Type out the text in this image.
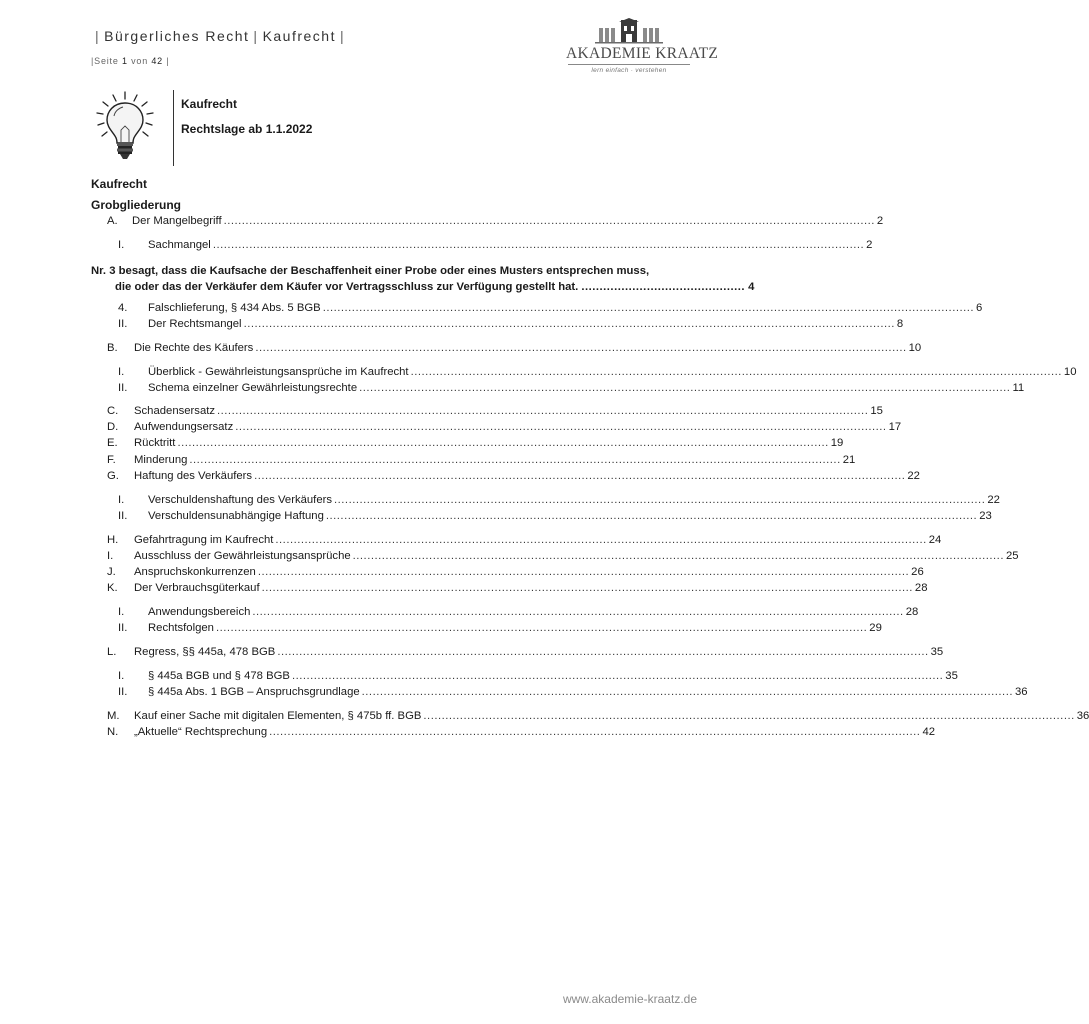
| Bürgerliches Recht | Kaufrecht |
|Seite 1 von 42 |	AKADEMIE KRAATZ
lern einfach · verstehen
Kaufrecht
Rechtslage ab 1.1.2022
Kaufrecht
Grobgliederung
A.	Der Mangelbegriff ................................................................................................................................................................................... 2
I.	Sachmangel ................................................................................................................................................................................... 2
Nr. 3 besagt, dass die Kaufsache der Beschaffenheit einer Probe oder eines Musters entsprechen muss,
die oder das der Verkäufer dem Käufer vor Vertragsschluss zur Verfügung gestellt hat. ............................................. 4
4.	Falschlieferung, § 434 Abs. 5 BGB ................................................................................................................................................................................... 6
II.	Der Rechtsmangel ................................................................................................................................................................................... 8
B.	Die Rechte des Käufers ................................................................................................................................................................................... 10
I.	Überblick - Gewährleistungsansprüche im Kaufrecht ................................................................................................................................................................................... 10
II.	Schema einzelner Gewährleistungsrechte ................................................................................................................................................................................... 11
C.	Schadensersatz ................................................................................................................................................................................... 15
D.	Aufwendungsersatz ................................................................................................................................................................................... 17
E.	Rücktritt ................................................................................................................................................................................... 19
F.	Minderung ................................................................................................................................................................................... 21
G.	Haftung des Verkäufers ................................................................................................................................................................................... 22
I.	Verschuldenshaftung des Verkäufers ................................................................................................................................................................................... 22
II.	Verschuldensunabhängige Haftung ................................................................................................................................................................................... 23
H.	Gefahrtragung im Kaufrecht ................................................................................................................................................................................... 24
I.	Ausschluss der Gewährleistungsansprüche ................................................................................................................................................................................... 25
J.	Anspruchskonkurrenzen ................................................................................................................................................................................... 26
K.	Der Verbrauchsgüterkauf ................................................................................................................................................................................... 28
I.	Anwendungsbereich ................................................................................................................................................................................... 28
II.	Rechtsfolgen ................................................................................................................................................................................... 29
L.	Regress, §§ 445a, 478 BGB ................................................................................................................................................................................... 35
I.	§ 445a BGB und § 478 BGB ................................................................................................................................................................................... 35
II.	§ 445a Abs. 1 BGB – Anspruchsgrundlage ................................................................................................................................................................................... 36
M.	Kauf einer Sache mit digitalen Elementen, § 475b ff. BGB ................................................................................................................................................................................... 36
N.	„Aktuelle“ Rechtsprechung ................................................................................................................................................................................... 42
www.akademie-kraatz.de
